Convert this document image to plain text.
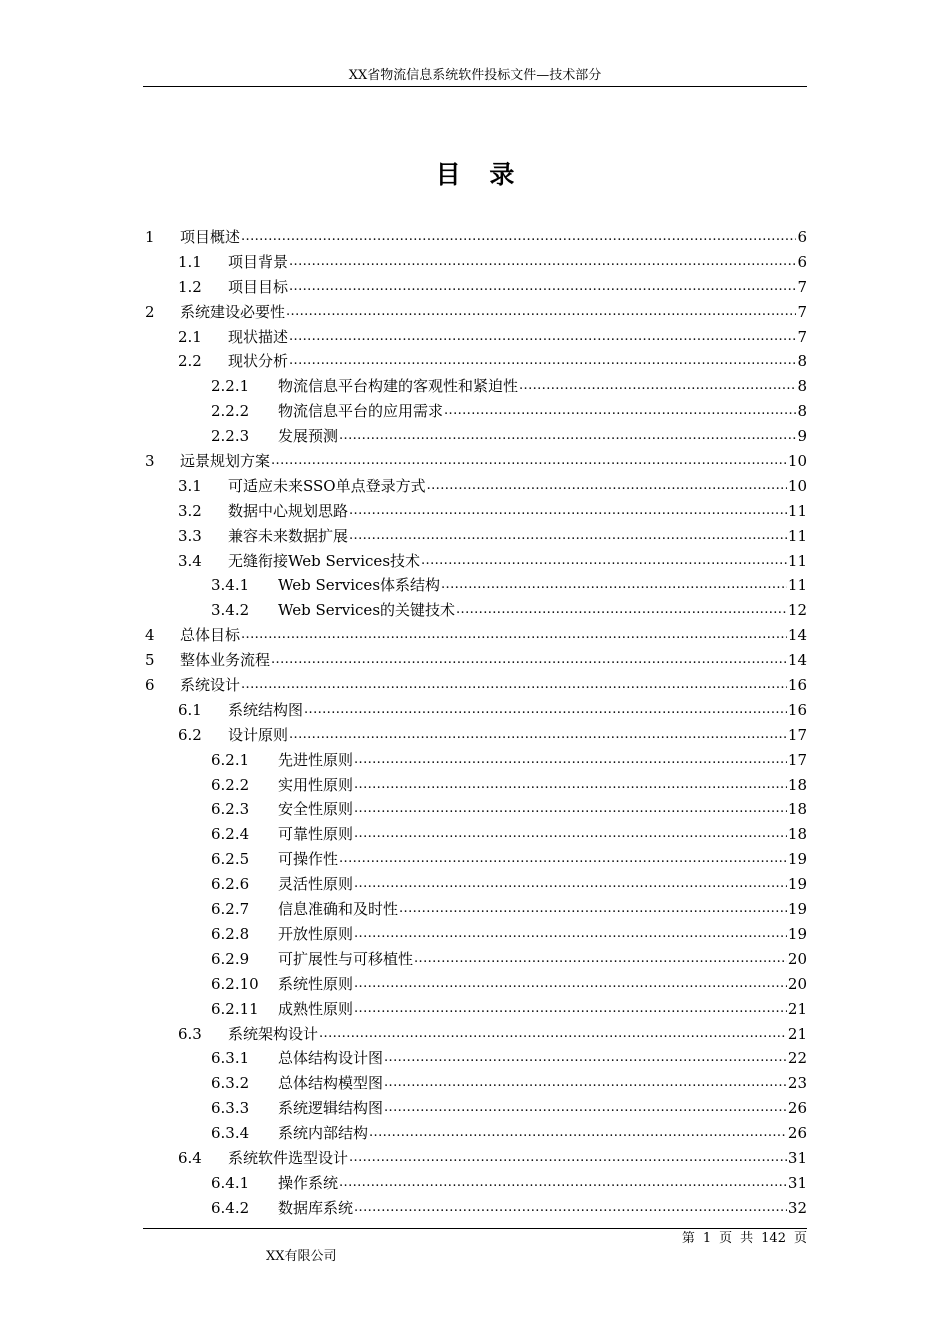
XX省物流信息系统软件投标文件—技术部分
目 录
1	项目概述 .....	6
1.1	项目背景 .....	6
1.2	项目目标 .....	7
2	系统建设必要性 .....	7
2.1	现状描述 .....	7
2.2	现状分析 .....	8
2.2.1	物流信息平台构建的客观性和紧迫性 .....	8
2.2.2	物流信息平台的应用需求 .....	8
2.2.3	发展预测 .....	9
3	远景规划方案 .....	10
3.1	可适应未来SSO单点登录方式 .....	10
3.2	数据中心规划思路 .....	11
3.3	兼容未来数据扩展 .....	11
3.4	无缝衔接Web Services技术 .....	11
3.4.1	Web Services体系结构 .....	11
3.4.2	Web Services的关键技术 .....	12
4	总体目标 .....	14
5	整体业务流程 .....	14
6	系统设计 .....	16
6.1	系统结构图 .....	16
6.2	设计原则 .....	17
6.2.1	先进性原则 .....	17
6.2.2	实用性原则 .....	18
6.2.3	安全性原则 .....	18
6.2.4	可靠性原则 .....	18
6.2.5	可操作性 .....	19
6.2.6	灵活性原则 .....	19
6.2.7	信息准确和及时性 .....	19
6.2.8	开放性原则 .....	19
6.2.9	可扩展性与可移植性 .....	20
6.2.10	系统性原则 .....	20
6.2.11	成熟性原则 .....	21
6.3	系统架构设计 .....	21
6.3.1	总体结构设计图 .....	22
6.3.2	总体结构模型图 .....	23
6.3.3	系统逻辑结构图 .....	26
6.3.4	系统内部结构 .....	26
6.4	系统软件选型设计 .....	31
6.4.1	操作系统 .....	31
6.4.2	数据库系统 .....	32
第 1 页 共 142 页
XX有限公司
